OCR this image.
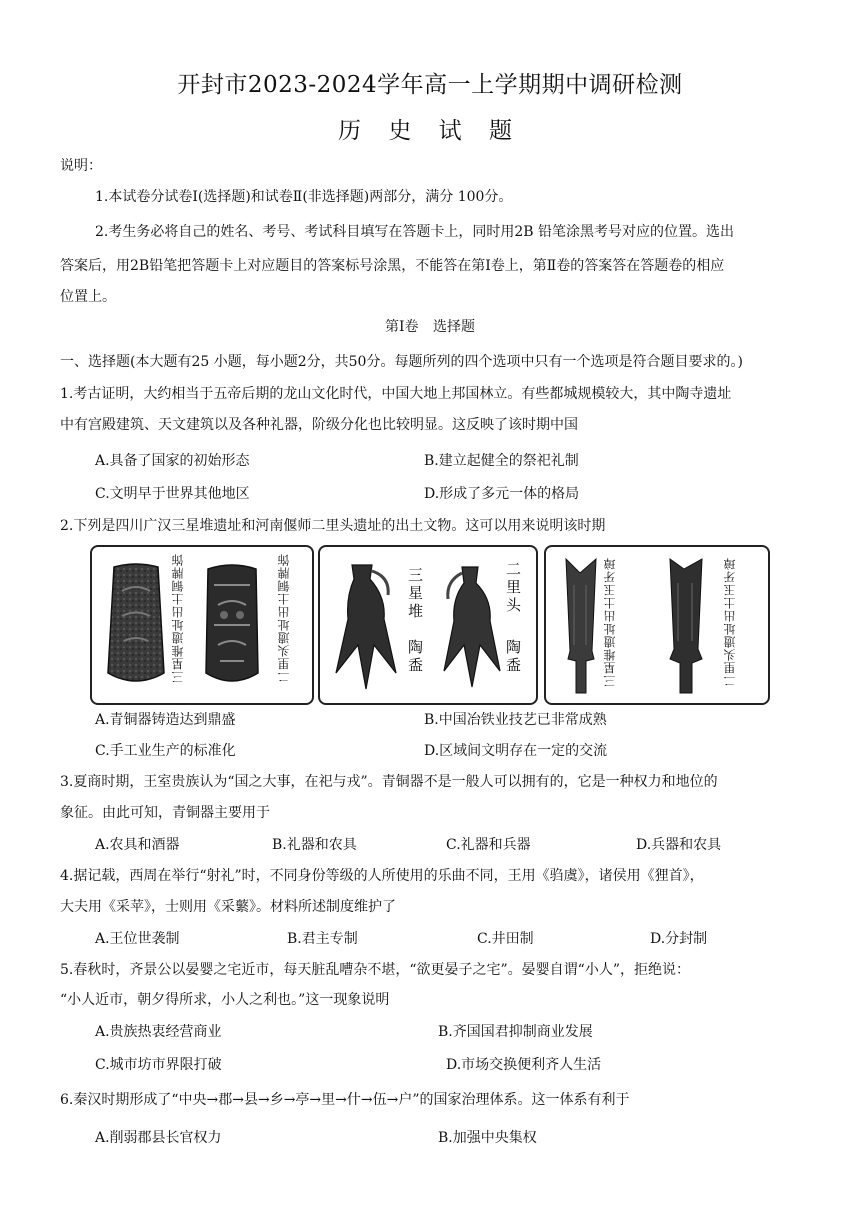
开封市2023-2024学年高一上学期期中调研检测
历 史 试 题
说明：
1.本试卷分试卷Ⅰ(选择题)和试卷Ⅱ(非选择题)两部分，满分 100分。
2.考生务必将自己的姓名、考号、考试科目填写在答题卡上，同时用2B 铅笔涂黑考号对应的位置。选出
答案后，用2B铅笔把答题卡上对应题目的答案标号涂黑，不能答在第Ⅰ卷上，第Ⅱ卷的答案答在答题卷的相应
位置上。
第Ⅰ卷 选择题
一、选择题(本大题有25 小题，每小题2分，共50分。每题所列的四个选项中只有一个选项是符合题目要求的。)
1.考古证明，大约相当于五帝后期的龙山文化时代，中国大地上邦国林立。有些都城规模较大，其中陶寺遗址
中有宫殿建筑、天文建筑以及各种礼器，阶级分化也比较明显。这反映了该时期中国
A.具备了国家的初始形态	B.建立起健全的祭祀礼制
C.文明早于世界其他地区	D.形成了多元一体的格局
2.下列是四川广汉三星堆遗址和河南偃师二里头遗址的出土文物。这可以用来说明该时期
三星堆遗址出土铜牌饰	二里头遗址出土铜牌饰	三星堆
陶盉
二里头
陶盉	三星堆遗址出土玉牙璋	二里头遗址出土玉牙璋
A.青铜器铸造达到鼎盛	B.中国冶铁业技艺已非常成熟
C.手工业生产的标准化	D.区域间文明存在一定的交流
3.夏商时期，王室贵族认为“国之大事，在祀与戎”。青铜器不是一般人可以拥有的，它是一种权力和地位的
象征。由此可知，青铜器主要用于
A.农具和酒器	B.礼器和农具	C.礼器和兵器	D.兵器和农具
4.据记载，西周在举行“射礼”时，不同身份等级的人所使用的乐曲不同，王用《驺虞》，诸侯用《狸首》，
大夫用《采苹》，士则用《采蘩》。材料所述制度维护了
A.王位世袭制	B.君主专制	C.井田制	D.分封制
5.春秋时，齐景公以晏婴之宅近市，每天脏乱嘈杂不堪，“欲更晏子之宅”。晏婴自谓“小人”，拒绝说：
“小人近市，朝夕得所求，小人之利也。”这一现象说明
A.贵族热衷经营商业	B.齐国国君抑制商业发展
C.城市坊市界限打破	D.市场交换便利齐人生活
6.秦汉时期形成了“中央→郡→县→乡→亭→里→什→伍→户”的国家治理体系。这一体系有利于
A.削弱郡县长官权力	B.加强中央集权
